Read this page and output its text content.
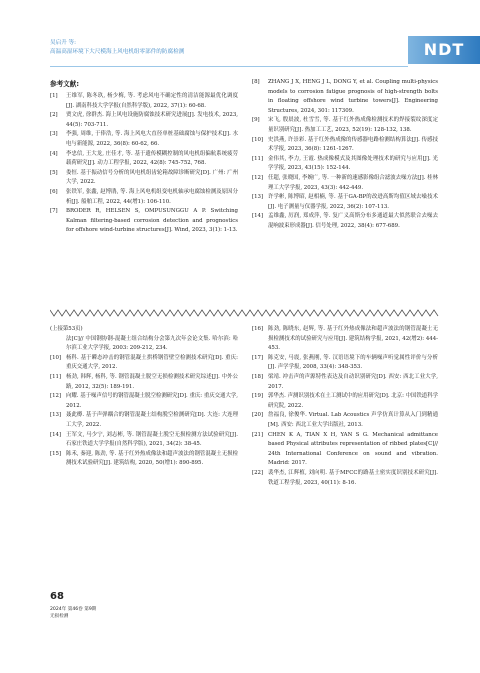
吴启升 等:
高温高湿环境下大尺模海上风电机组零部件的防腐检测	NDT
参考文献:
[1]	王维军, 陈冬玖, 杨少梅, 等. 考虑风电不确定性的清洁能源最优化调度[J]. 湖南科技大学学报(自然科学版), 2022, 37(1): 60-68.
[2]	贾文虎, 徐群杰. 海上风电设施防腐蚀技术研究进展[J]. 发电技术, 2023, 44(5): 703-711.
[3]	李强, 周维, 于俸浩, 等. 海上风电大直径单桩基础腐蚀与保护技术[J]. 水电与新能源, 2022, 36(8): 60-62, 66.
[4]	李忠信, 王大龙, 庄佳才, 等. 基于遗传模糊控制的风电机组偏航系统疲劳载荷研究[J]. 动力工程学报, 2022, 42(8): 745-752, 768.
[5]	娄恒. 基于振动信号分析的风电机组齿轮箱故障诊断研究[D]. 广州: 广州大学, 2022.
[6]	张铁军, 张鑫, 赵博鹃, 等. 海上风电机组变电机轴承电腐蚀检测及原因分析[J]. 船舶工程, 2022, 44(增1): 106-110.
[7]	BRODER R, HELSEN S, OMPUSUNGGU A P. Switching Kalman filtering-based corrosion detection and prognostics for offshore wind-turbine structures[J]. Wind, 2023, 3(1): 1-13.
[8]	ZHANG J X, HENG J L, DONG Y, et al. Coupling multi-physics models to corrosion fatigue prognosis of high-strength bolts in floating offshore wind turbine towers[J]. Engineering Structures, 2024, 301: 117309.
[9]	宋飞, 殷晨波, 杜雪雪, 等. 基于红外热成像检测技术的焊接裂纹深度定量识别研究[J]. 热加工工艺, 2023, 52(19): 128-132, 138.
[10] 史洪燕, 许崇彩. 基于红外热成像的传感器电路检测结构算法[J]. 传感技术学报, 2023, 36(8): 1261-1267.
[11] 金伟其, 李力, 王霞. 热成像模式及其图像处理技术的研究与应用[J]. 光学学报, 2023, 43(15): 152-144.
[12] 任超, 张晓国, 李婉广, 等. 一种新的速感影像组合滤波去噪方法[J]. 桂林理工大学学报, 2023, 43(3): 442-449.
[13] 许学彬, 陈博昭, 赵相楠, 等. 基于GA-BP的改进高斯均值区域去噪技术[J]. 电子测量与仪器学报, 2022, 36(2): 107-113.
[14] 孟维鑫, 厉润, 郑成萍, 等. 复广义高斯分布多通道最大似然联合去噪去混响波束形成器[J]. 信号处理, 2022, 38(4): 677-689.
(上接第53页)
法[C]// 中国钢协钢-混凝土组合结构分会第九次年会论文集. 哈尔滨: 哈尔滨工业大学学报, 2003: 209-212, 234.
[10] 杨科. 基于瞬态冲击的钢管混凝土拱桥钢管壁空检测技术研究[D]. 重庆: 重庆交通大学, 2012.
[11] 杨劲, 韩辉, 杨科, 等. 钢管混凝土脱空无损检测技术研究综述[J]. 中外公路, 2012, 32(5): 189-191.
[12] 向耀. 基于噪声信号的钢管混凝土脱空检测研究[D]. 重庆: 重庆交通大学, 2012.
[13] 聂此樽. 基于声弹耦合的钢管混凝土结构脱空检测研究[D]. 大连: 大连理工大学, 2022.
[14] 王军文, 马少宁, 刘志彬, 等. 钢管混凝土脱空无损检测方法试验研究[J]. 石家庄铁道大学学报(自然科学版), 2021, 34(2): 38-45.
[15] 陈禾, 秦迎, 陈劲, 等. 基于红外热成像法和超声波法的钢管混凝土无损检测技术试验研究[J]. 建筑结构, 2020, 50(增1): 890-895.
[16] 陈劲, 陈晓东, 赵辉, 等. 基于红外热成像法和超声波法的钢管混凝土无损检测技术的试验研究与应用[J]. 建筑结构学报, 2021, 42(增2): 444-453.
[17] 陈克安, 马震, 张燕刚, 等. 汉语语境下的车辆噪声听觉属性评价与分析[J]. 声学学报, 2008, 33(4): 348-353.
[18] 梁靖. 冲击声的声源特性表达及自动识别研究[D]. 西安: 西北工业大学, 2017.
[19] 郭华杰. 声测识别技术在土工测试中的应用研究[D]. 北京: 中国铁道科学研究院, 2022.
[20] 詹福良, 徐俊华. Virtual. Lab Acoustics 声学仿真计算从入门到精通[M]. 西安: 西北工业大学出版社, 2013.
[21] CHEN K A, TIAN X H, YAN S G. Mechanical admittance based Physical attributes representation of ribbed plates[C]// 24th International Conference on sound and vibration. Madrid: 2017.
[22] 裴华杰, 江辉植, 刘向明. 基于MFCC的路基土密实度识别技术研究[J]. 铁道工程学报, 2023, 40(11): 8-16.
68
2024年 第46卷 第9期
无损检测
